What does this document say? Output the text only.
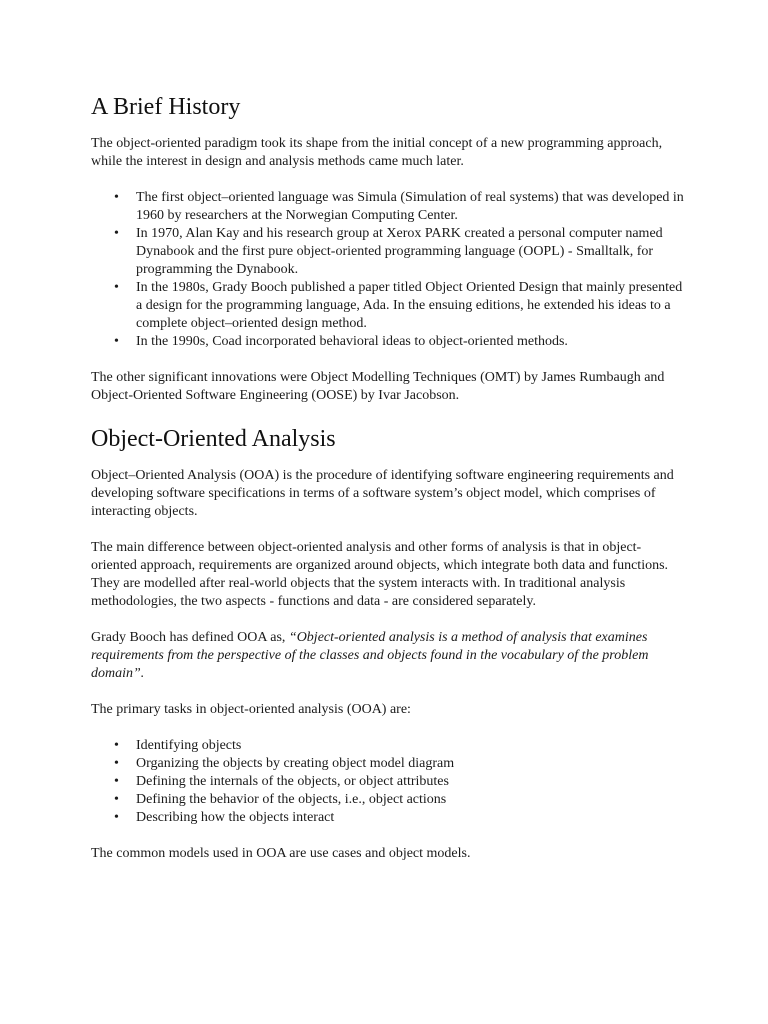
A Brief History

The object-oriented paradigm took its shape from the initial concept of a new programming approach, while the interest in design and analysis methods came much later.

•	The first object–oriented language was Simula (Simulation of real systems) that was developed in 1960 by researchers at the Norwegian Computing Center.
•	In 1970, Alan Kay and his research group at Xerox PARK created a personal computer named Dynabook and the first pure object-oriented programming language (OOPL) - Smalltalk, for programming the Dynabook.
•	In the 1980s, Grady Booch published a paper titled Object Oriented Design that mainly presented a design for the programming language, Ada. In the ensuing editions, he extended his ideas to a complete object–oriented design method.
•	In the 1990s, Coad incorporated behavioral ideas to object-oriented methods.

The other significant innovations were Object Modelling Techniques (OMT) by James Rumbaugh and Object-Oriented Software Engineering (OOSE) by Ivar Jacobson.

Object-Oriented Analysis

Object–Oriented Analysis (OOA) is the procedure of identifying software engineering requirements and developing software specifications in terms of a software system’s object model, which comprises of interacting objects.

The main difference between object-oriented analysis and other forms of analysis is that in object-oriented approach, requirements are organized around objects, which integrate both data and functions. They are modelled after real-world objects that the system interacts with. In traditional analysis methodologies, the two aspects - functions and data - are considered separately.

Grady Booch has defined OOA as, “Object-oriented analysis is a method of analysis that examines requirements from the perspective of the classes and objects found in the vocabulary of the problem domain”.

The primary tasks in object-oriented analysis (OOA) are:

•	Identifying objects
•	Organizing the objects by creating object model diagram
•	Defining the internals of the objects, or object attributes
•	Defining the behavior of the objects, i.e., object actions
•	Describing how the objects interact

The common models used in OOA are use cases and object models.
